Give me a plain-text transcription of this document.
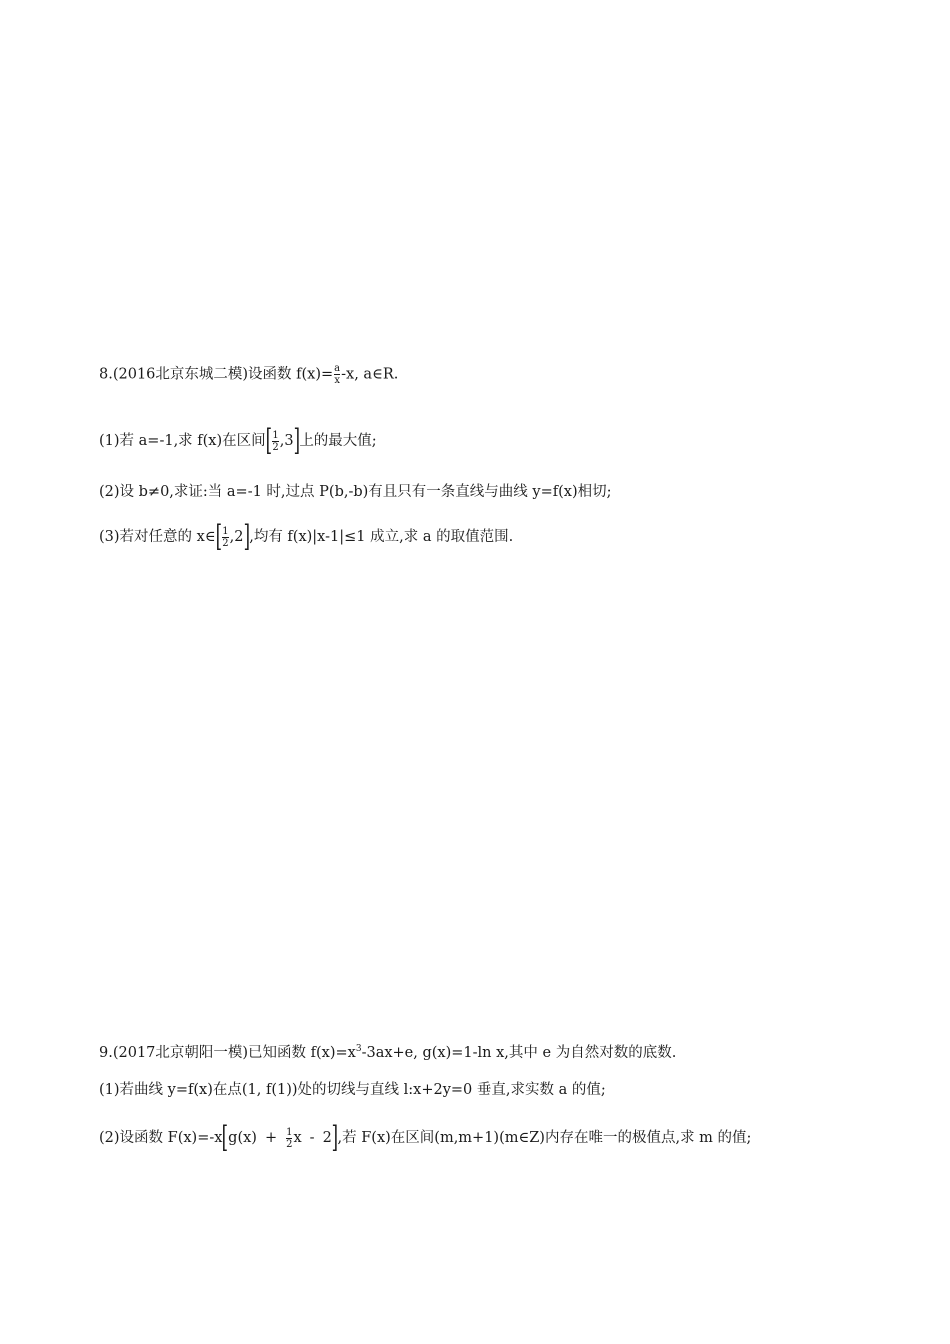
8.(2016北京东城二模)设函数 $f(x)= \frac{a}{x} -x$, a∈R.
(1)若 a=-1,求 f(x)在区间[ $\frac{1}{2} ,3$]上的最大值;
(2)设 b≠0,求证:当 a=-1 时,过点 P(b,-b)有且只有一条直线与曲线 y=f(x)相切;
(3)若对任意的 x∈[ $\frac{1}{2} ,2$],均有 f(x)|x-1|≤1 成立,求 a 的取值范围.
9.(2017北京朝阳一模)已知函数 $f(x)=x^3-3ax+e$, g(x)=1-ln x,其中 e 为自然对数的底数.
(1)若曲线 y=f(x)在点(1, f(1))处的切线与直线 l:x+2y=0 垂直,求实数 a 的值;
(2)设函数 $F(x)=-x[g(x) + \frac{1}{2}$ x - 2],若 F(x)在区间(m,m+1)(m∈Z)内存在唯一的极值点,求 m 的值;
